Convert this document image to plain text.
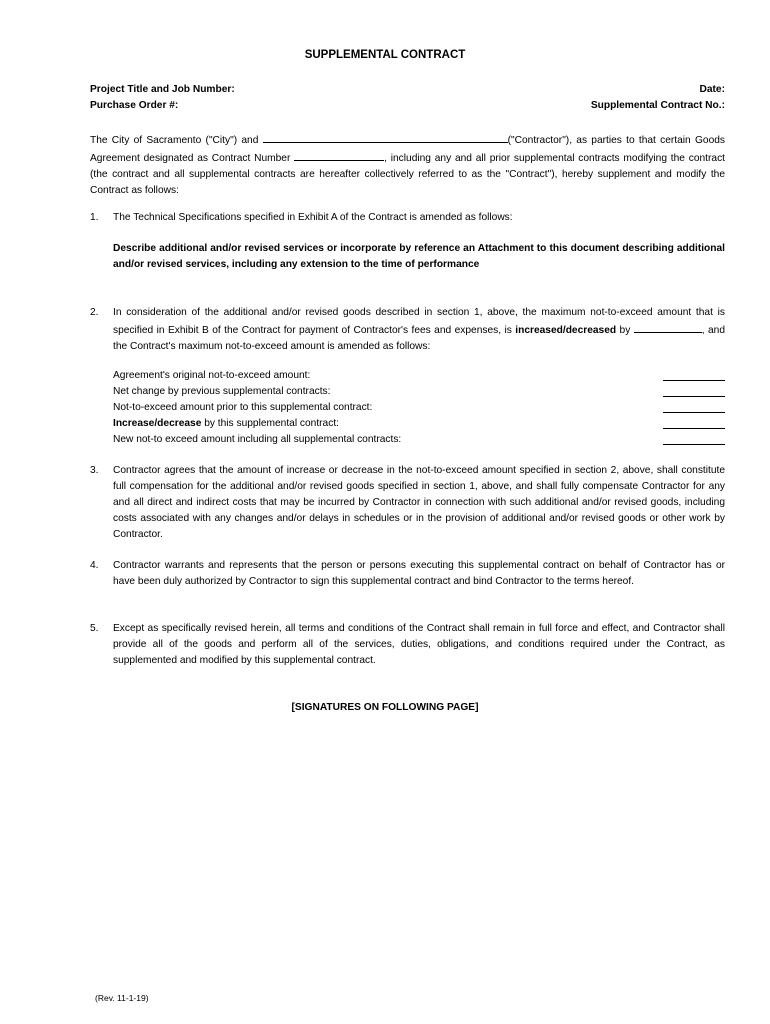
SUPPLEMENTAL CONTRACT
Project Title and Job Number:
Purchase Order #:
Date:
Supplemental Contract No.:
The City of Sacramento ("City") and	("Contractor"), as parties to that certain Goods Agreement designated as Contract Number	, including any and all prior supplemental contracts modifying the contract (the contract and all supplemental contracts are hereafter collectively referred to as the "Contract"), hereby supplement and modify the Contract as follows:
1. The Technical Specifications specified in Exhibit A of the Contract is amended as follows:
Describe additional and/or revised services or incorporate by reference an Attachment to this document describing additional and/or revised services, including any extension to the time of performance
2. In consideration of the additional and/or revised goods described in section 1, above, the maximum not-to-exceed amount that is specified in Exhibit B of the Contract for payment of Contractor's fees and expenses, is increased/decreased by	, and the Contract's maximum not-to-exceed amount is amended as follows:
Agreement's original not-to-exceed amount:
Net change by previous supplemental contracts:
Not-to-exceed amount prior to this supplemental contract:
Increase/decrease by this supplemental contract:
New not-to exceed amount including all supplemental contracts:
3. Contractor agrees that the amount of increase or decrease in the not-to-exceed amount specified in section 2, above, shall constitute full compensation for the additional and/or revised goods specified in section 1, above, and shall fully compensate Contractor for any and all direct and indirect costs that may be incurred by Contractor in connection with such additional and/or revised goods, including costs associated with any changes and/or delays in schedules or in the provision of additional and/or revised goods or other work by Contractor.
4. Contractor warrants and represents that the person or persons executing this supplemental contract on behalf of Contractor has or have been duly authorized by Contractor to sign this supplemental contract and bind Contractor to the terms hereof.
5. Except as specifically revised herein, all terms and conditions of the Contract shall remain in full force and effect, and Contractor shall provide all of the goods and perform all of the services, duties, obligations, and conditions required under the Contract, as supplemented and modified by this supplemental contract.
[SIGNATURES ON FOLLOWING PAGE]
(Rev. 11-1-19)
